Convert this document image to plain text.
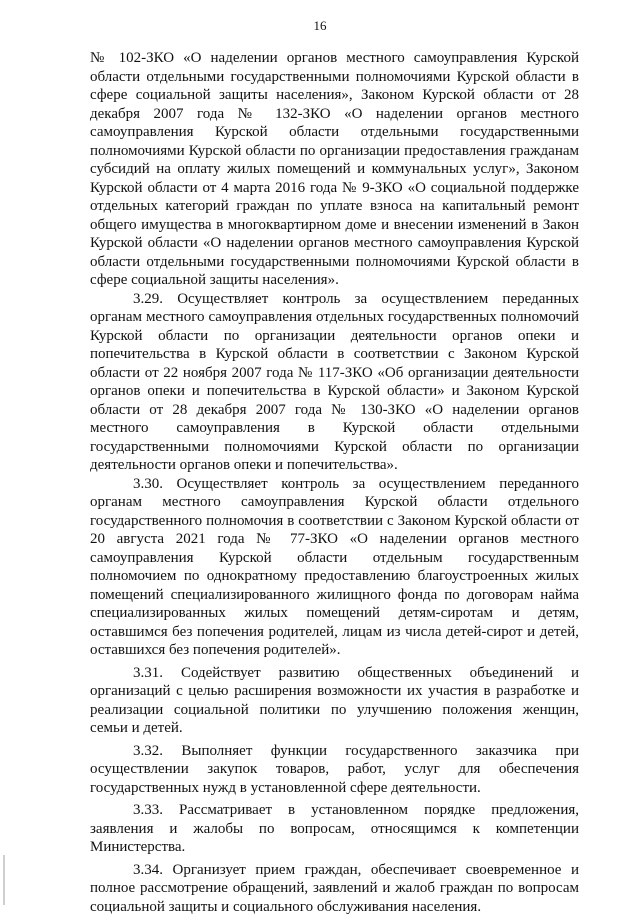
16

№ 102-ЗКО «О наделении органов местного самоуправления Курской области отдельными государственными полномочиями Курской области в сфере социальной защиты населения», Законом Курской области от 28 декабря 2007 года № 132-ЗКО «О наделении органов местного самоуправления Курской области отдельными государственными полномочиями Курской области по организации предоставления гражданам субсидий на оплату жилых помещений и коммунальных услуг», Законом Курской области от 4 марта 2016 года № 9-ЗКО «О социальной поддержке отдельных категорий граждан по уплате взноса на капитальный ремонт общего имущества в многоквартирном доме и внесении изменений в Закон Курской области «О наделении органов местного самоуправления Курской области отдельными государственными полномочиями Курской области в сфере социальной защиты населения».

3.29. Осуществляет контроль за осуществлением переданных органам местного самоуправления отдельных государственных полномочий Курской области по организации деятельности органов опеки и попечительства в Курской области в соответствии с Законом Курской области от 22 ноября 2007 года № 117-ЗКО «Об организации деятельности органов опеки и попечительства в Курской области» и Законом Курской области от 28 декабря 2007 года № 130-ЗКО «О наделении органов местного самоуправления в Курской области отдельными государственными полномочиями Курской области по организации деятельности органов опеки и попечительства».

3.30. Осуществляет контроль за осуществлением переданного органам местного самоуправления Курской области отдельного государственного полномочия в соответствии с Законом Курской области от 20 августа 2021 года № 77-ЗКО «О наделении органов местного самоуправления Курской области отдельным государственным полномочием по однократному предоставлению благоустроенных жилых помещений специализированного жилищного фонда по договорам найма специализированных жилых помещений детям-сиротам и детям, оставшимся без попечения родителей, лицам из числа детей-сирот и детей, оставшихся без попечения родителей».

3.31. Содействует развитию общественных объединений и организаций с целью расширения возможности их участия в разработке и реализации социальной политики по улучшению положения женщин, семьи и детей.

3.32. Выполняет функции государственного заказчика при осуществлении закупок товаров, работ, услуг для обеспечения государственных нужд в установленной сфере деятельности.

3.33. Рассматривает в установленном порядке предложения, заявления и жалобы по вопросам, относящимся к компетенции Министерства.

3.34. Организует прием граждан, обеспечивает своевременное и полное рассмотрение обращений, заявлений и жалоб граждан по вопросам социальной защиты и социального обслуживания населения.
